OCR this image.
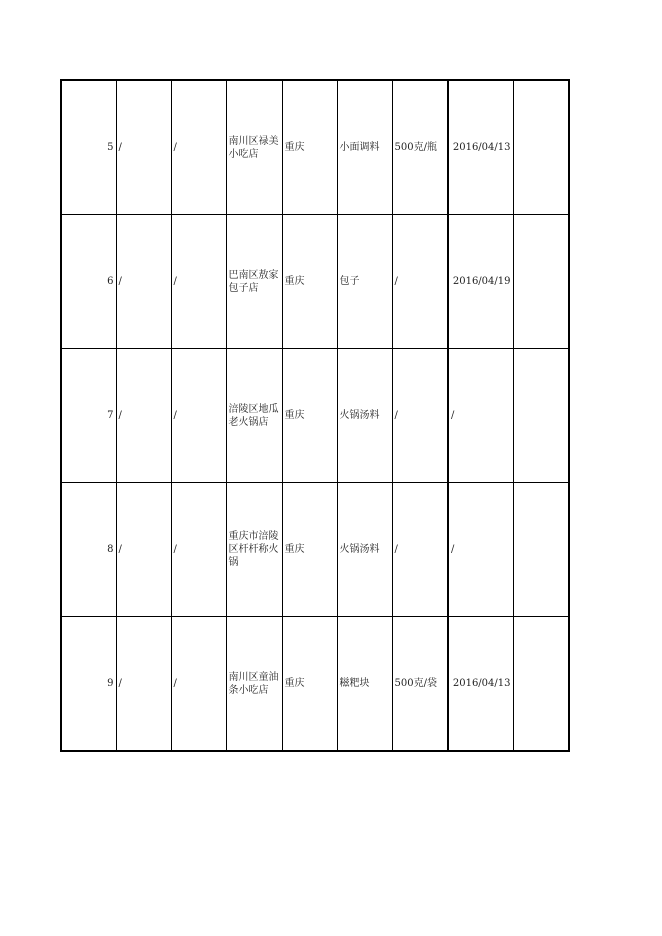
5	/	/	南川区禄美小吃店	重庆	小面调料	500克/瓶	2016/04/13	
6	/	/	巴南区敖家包子店	重庆	包子	/	2016/04/19	
7	/	/	涪陵区地瓜老火锅店	重庆	火锅汤料	/	/	
8	/	/	重庆市涪陵区杆杆称火锅	重庆	火锅汤料	/	/	
9	/	/	南川区童油条小吃店	重庆	糍粑块	500克/袋	2016/04/13	
